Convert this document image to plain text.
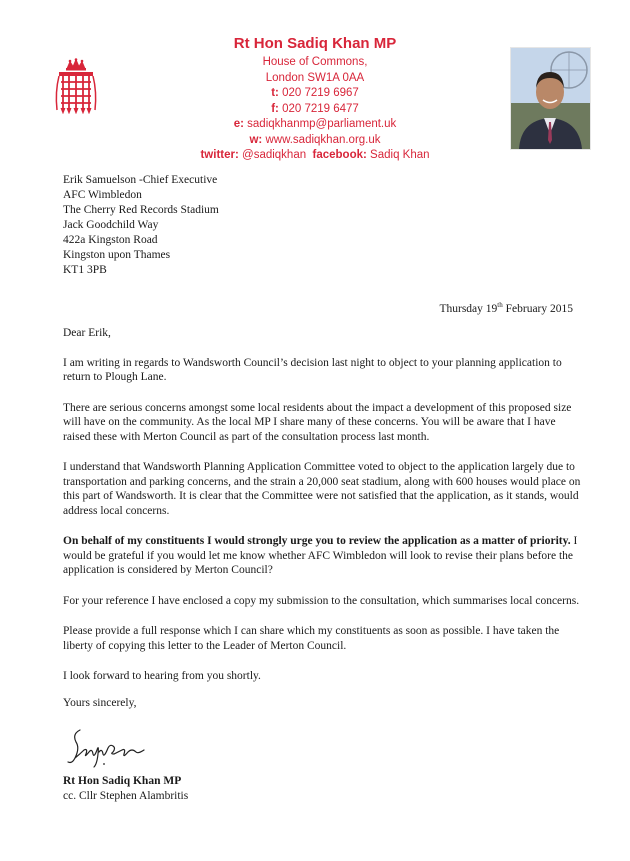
Rt Hon Sadiq Khan MP
House of Commons,
London SW1A 0AA
t: 020 7219 6967
f: 020 7219 6477
e: sadiqkhanmp@parliament.uk
w: www.sadiqkhan.org.uk
twitter: @sadiqkhan facebook: Sadiq Khan
Erik Samuelson -Chief Executive
AFC Wimbledon
The Cherry Red Records Stadium
Jack Goodchild Way
422a Kingston Road
Kingston upon Thames
KT1 3PB
Thursday 19th February 2015

Dear Erik,

I am writing in regards to Wandsworth Council’s decision last night to object to your planning application to return to Plough Lane.

There are serious concerns amongst some local residents about the impact a development of this proposed size will have on the community. As the local MP I share many of these concerns. You will be aware that I have raised these with Merton Council as part of the consultation process last month.

I understand that Wandsworth Planning Application Committee voted to object to the application largely due to transportation and parking concerns, and the strain a 20,000 seat stadium, along with 600 houses would place on this part of Wandsworth. It is clear that the Committee were not satisfied that the application, as it stands, would address local concerns.

On behalf of my constituents I would strongly urge you to review the application as a matter of priority. I would be grateful if you would let me know whether AFC Wimbledon will look to revise their plans before the application is considered by Merton Council?

For your reference I have enclosed a copy my submission to the consultation, which summarises local concerns.

Please provide a full response which I can share which my constituents as soon as possible. I have taken the liberty of copying this letter to the Leader of Merton Council.

I look forward to hearing from you shortly.

Yours sincerely,

Rt Hon Sadiq Khan MP
cc. Cllr Stephen Alambritis
